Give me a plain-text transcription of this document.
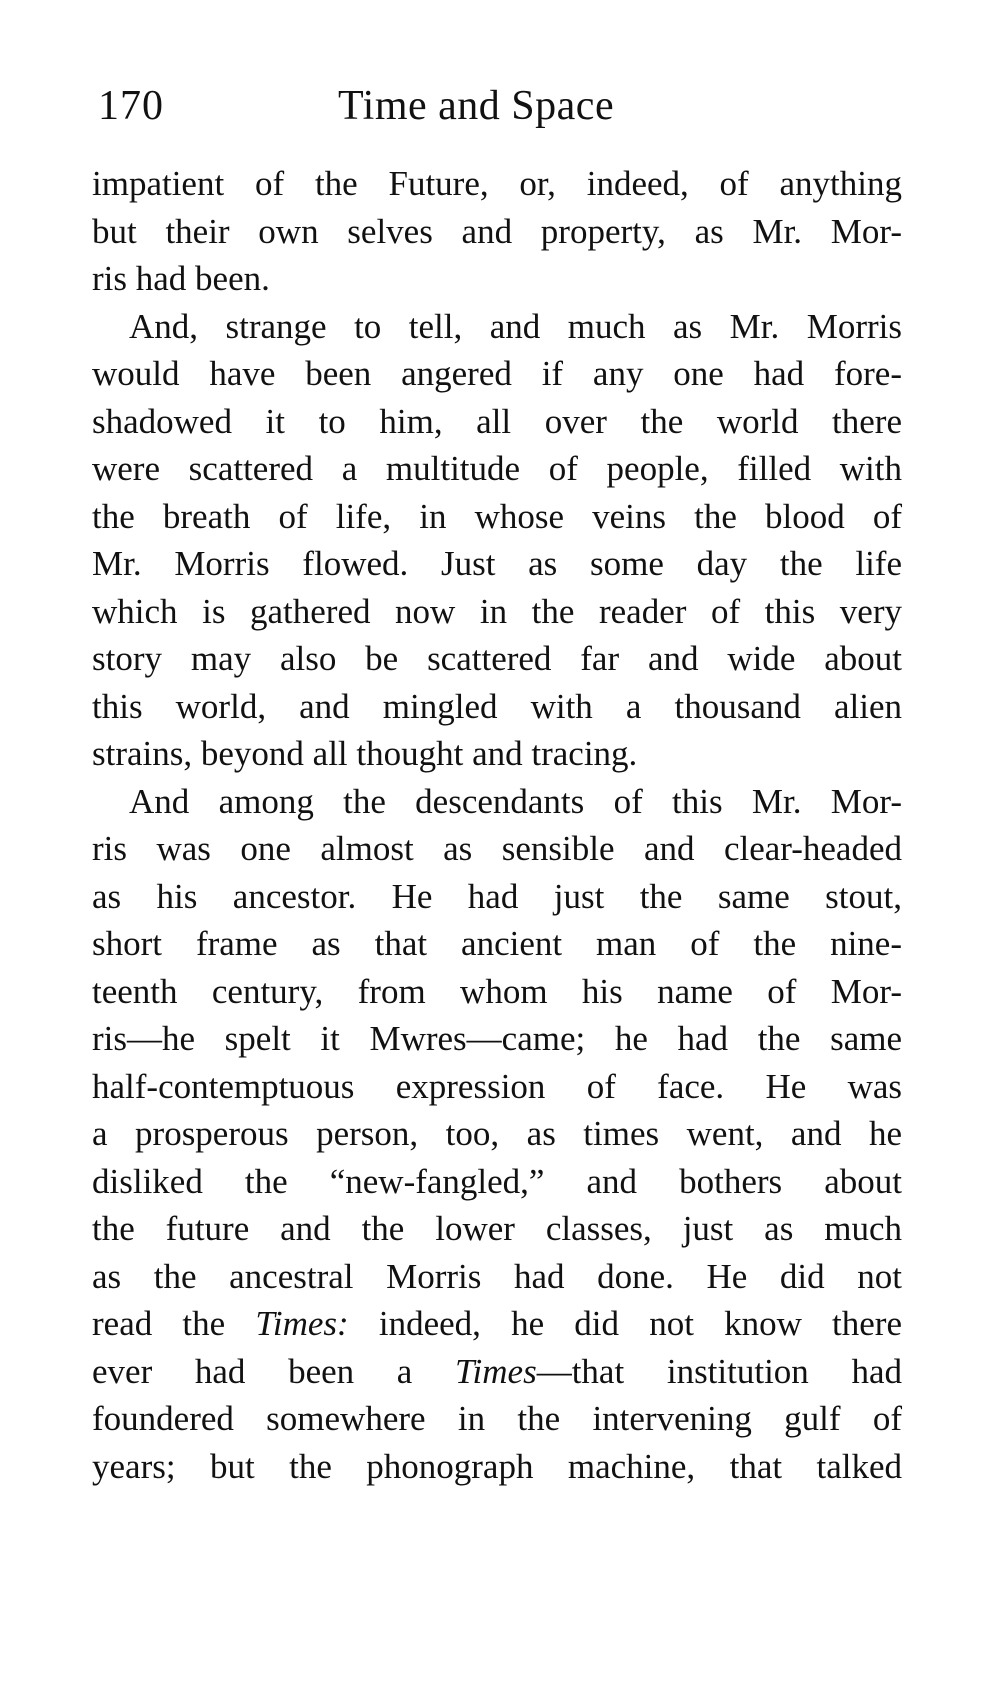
170	Time and Space
impatient of the Future, or, indeed, of anything
but their own selves and property, as Mr. Mor-
ris had been.
And, strange to tell, and much as Mr. Morris
would have been angered if any one had fore-
shadowed it to him, all over the world there
were scattered a multitude of people, filled with
the breath of life, in whose veins the blood of
Mr. Morris flowed. Just as some day the life
which is gathered now in the reader of this very
story may also be scattered far and wide about
this world, and mingled with a thousand alien
strains, beyond all thought and tracing.
And among the descendants of this Mr. Mor-
ris was one almost as sensible and clear-headed
as his ancestor. He had just the same stout,
short frame as that ancient man of the nine-
teenth century, from whom his name of Mor-
ris—he spelt it Mwres—came; he had the same
half-contemptuous expression of face. He was
a prosperous person, too, as times went, and he
disliked the “new-fangled,” and bothers about
the future and the lower classes, just as much
as the ancestral Morris had done. He did not
read the Times: indeed, he did not know there
ever had been a Times—that institution had
foundered somewhere in the intervening gulf of
years; but the phonograph machine, that talked
